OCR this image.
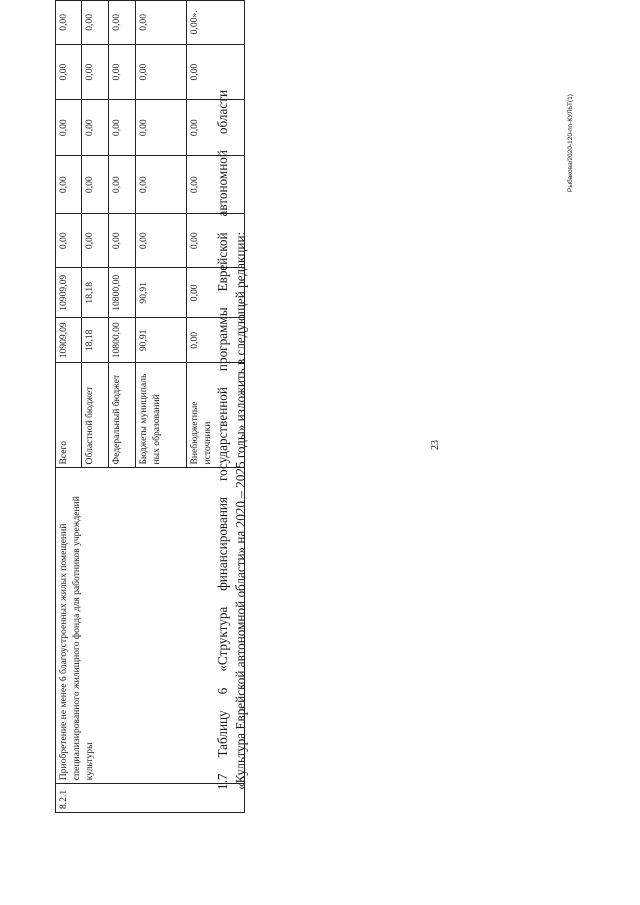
23
8.2.1	Приобретение не менее 6 благоустроенных жилых помещений специализированного жилищного фонда для работников учреждений культуры	Всего	10909,09	10909,09	0,00	0,00	0,00	0,00	0,00
		Областной бюджет	18,18	18,18	0,00	0,00	0,00	0,00	0,00
		Федеральный бюджет	10800,00	10800,00	0,00	0,00	0,00	0,00	0,00
		Бюджеты муниципаль ных образований	90,91	90,91	0,00	0,00	0,00	0,00	0,00
		Внебюджетные источники	0,00	0,00	0,00	0,00	0,00	0,00	0,00».
1.7 Таблицу 6 «Структура финансирования государственной программы Еврейской автономной области «Культура Еврейской автономной области» на 2020 – 2025 годы» изложить в следующей редакции:
Рыбакова/2020-120-пп-КУЛЬТ(1)
